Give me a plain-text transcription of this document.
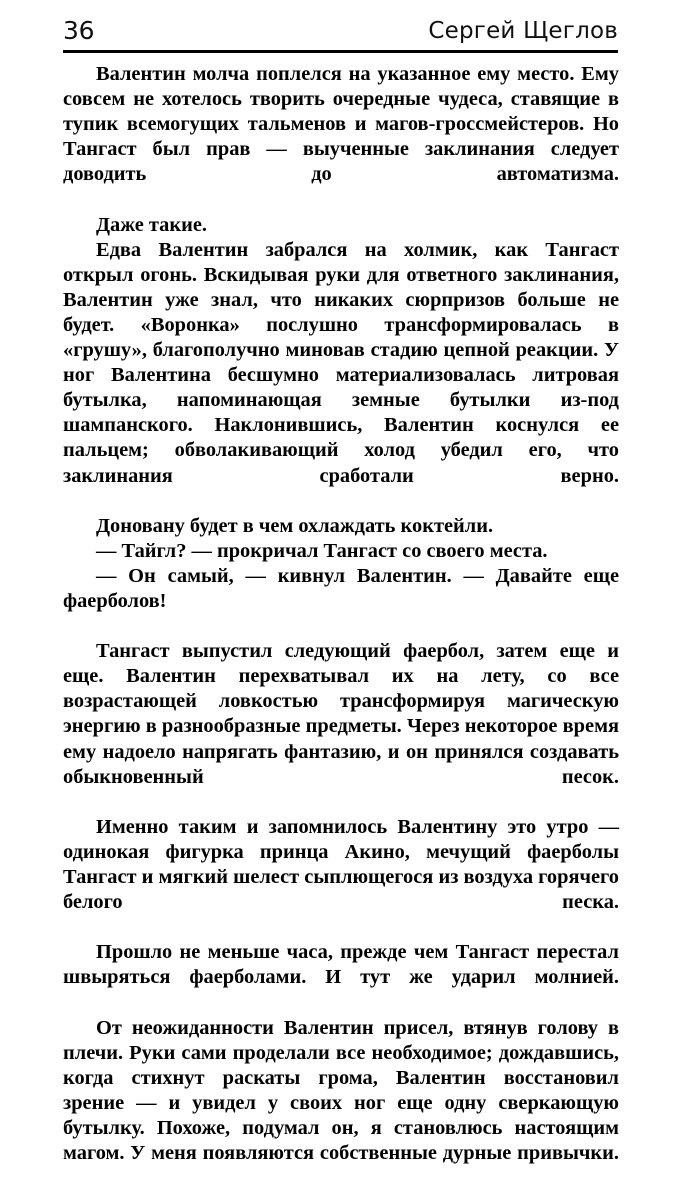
36	Сергей Щеглов

Валентин молча поплелся на указанное ему место. Ему совсем не хотелось творить очередные чудеса, ставящие в тупик всемогущих тальменов и магов-гроссмейстеров. Но Тангаст был прав — выученные заклинания следует доводить до автоматизма.

Даже такие.

Едва Валентин забрался на холмик, как Тангаст открыл огонь. Вскидывая руки для ответного заклинания, Валентин уже знал, что никаких сюрпризов больше не будет. «Воронка» послушно трансформировалась в «грушу», благополучно миновав стадию цепной реакции. У ног Валентина бесшумно материализовалась литровая бутылка, напоминающая земные бутылки из-под шампанского. Наклонившись, Валентин коснулся ее пальцем; обволакивающий холод убедил его, что заклинания сработали верно.

Доновану будет в чем охлаждать коктейли.

— Тайгл? — прокричал Тангаст со своего места.

— Он самый, — кивнул Валентин. — Давайте еще фаерболов!

Тангаст выпустил следующий фаербол, затем еще и еще. Валентин перехватывал их на лету, со все возрастающей ловкостью трансформируя магическую энергию в разнообразные предметы. Через некоторое время ему надоело напрягать фантазию, и он принялся создавать обыкновенный песок.

Именно таким и запомнилось Валентину это утро — одинокая фигурка принца Акино, мечущий фаерболы Тангаст и мягкий шелест сыплющегося из воздуха горячего белого песка.

Прошло не меньше часа, прежде чем Тангаст перестал швыряться фаерболами. И тут же ударил молнией.

От неожиданности Валентин присел, втянув голову в плечи. Руки сами проделали все необходимое; дождавшись, когда стихнут раскаты грома, Валентин восстановил зрение — и увидел у своих ног еще одну сверкающую бутылку. Похоже, подумал он, я становлюсь настоящим магом. У меня появляются собственные дурные привычки.
